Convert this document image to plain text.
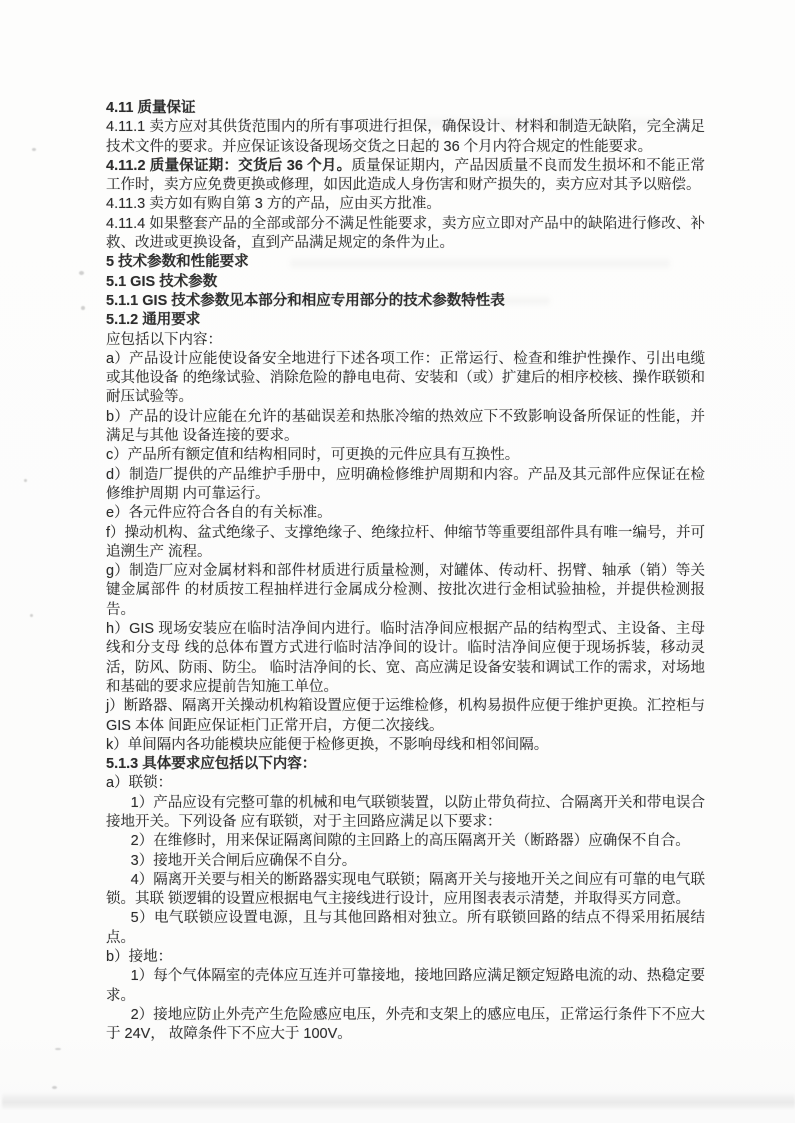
4.11 质量保证

4.11.1 卖方应对其供货范围内的所有事项进行担保，确保设计、材料和制造无缺陷，完全满足技术文件的要求。并应保证该设备现场交货之日起的 36 个月内符合规定的性能要求。

4.11.2 质量保证期：交货后 36 个月。质量保证期内，产品因质量不良而发生损坏和不能正常工作时，卖方应免费更换或修理，如因此造成人身伤害和财产损失的，卖方应对其予以赔偿。

4.11.3 卖方如有购自第 3 方的产品，应由买方批准。

4.11.4 如果整套产品的全部或部分不满足性能要求，卖方应立即对产品中的缺陷进行修改、补救、改进或更换设备，直到产品满足规定的条件为止。

5 技术参数和性能要求

5.1 GIS 技术参数

5.1.1 GIS 技术参数见本部分和相应专用部分的技术参数特性表

5.1.2 通用要求

应包括以下内容：

a）产品设计应能使设备安全地进行下述各项工作：正常运行、检查和维护性操作、引出电缆或其他设备 的绝缘试验、消除危险的静电电荷、安装和（或）扩建后的相序校核、操作联锁和耐压试验等。

b）产品的设计应能在允许的基础误差和热胀冷缩的热效应下不致影响设备所保证的性能，并满足与其他 设备连接的要求。

c）产品所有额定值和结构相同时，可更换的元件应具有互换性。

d）制造厂提供的产品维护手册中，应明确检修维护周期和内容。产品及其元部件应保证在检修维护周期 内可靠运行。

e）各元件应符合各自的有关标准。

f）操动机构、盆式绝缘子、支撑绝缘子、绝缘拉杆、伸缩节等重要组部件具有唯一编号，并可追溯生产 流程。

g）制造厂应对金属材料和部件材质进行质量检测，对罐体、传动杆、拐臂、轴承（销）等关键金属部件 的材质按工程抽样进行金属成分检测、按批次进行金相试验抽检，并提供检测报告。

h）GIS 现场安装应在临时洁净间内进行。临时洁净间应根据产品的结构型式、主设备、主母线和分支母 线的总体布置方式进行临时洁净间的设计。临时洁净间应便于现场拆装，移动灵活，防风、防雨、防尘。 临时洁净间的长、宽、高应满足设备安装和调试工作的需求，对场地和基础的要求应提前告知施工单位。

j）断路器、隔离开关操动机构箱设置应便于运维检修，机构易损件应便于维护更换。汇控柜与 GIS 本体 间距应保证柜门正常开启，方便二次接线。

k）单间隔内各功能模块应能便于检修更换，不影响母线和相邻间隔。

5.1.3 具体要求应包括以下内容：

a）联锁：

1）产品应设有完整可靠的机械和电气联锁装置，以防止带负荷拉、合隔离开关和带电误合接地开关。下列设备 应有联锁，对于主回路应满足以下要求：

2）在维修时，用来保证隔离间隙的主回路上的高压隔离开关（断路器）应确保不自合。

3）接地开关合闸后应确保不自分。

4）隔离开关要与相关的断路器实现电气联锁；隔离开关与接地开关之间应有可靠的电气联锁。其联 锁逻辑的设置应根据电气主接线进行设计，应用图表表示清楚，并取得买方同意。

5）电气联锁应设置电源，且与其他回路相对独立。所有联锁回路的结点不得采用拓展结点。

b）接地：

1）每个气体隔室的壳体应互连并可靠接地，接地回路应满足额定短路电流的动、热稳定要求。

2）接地应防止外壳产生危险感应电压，外壳和支架上的感应电压，正常运行条件下不应大于 24V， 故障条件下不应大于 100V。
